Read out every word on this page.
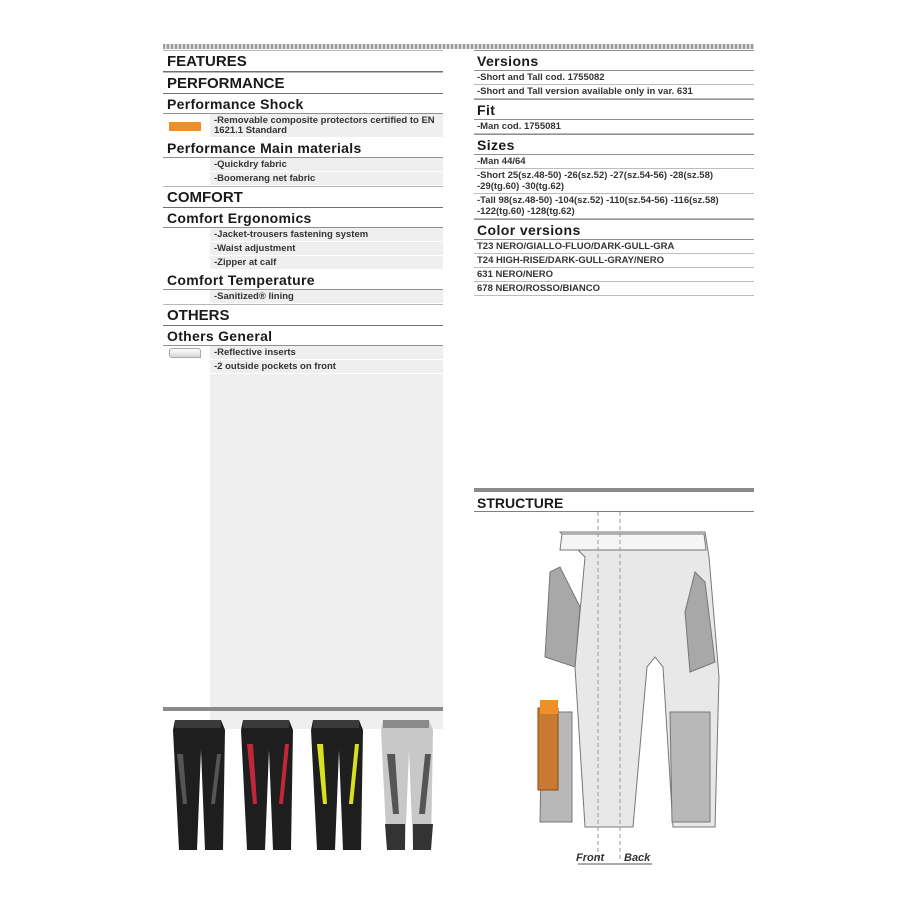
FEATURES
PERFORMANCE
Performance Shock
-Removable composite protectors certified to EN 1621.1 Standard
Performance Main materials
-Quickdry fabric
-Boomerang net fabric
COMFORT
Comfort Ergonomics
-Jacket-trousers fastening system
-Waist adjustment
-Zipper at calf
Comfort Temperature
-Sanitized® lining
OTHERS
Others General
-Reflective inserts
-2 outside pockets on front
Versions
-Short and Tall cod. 1755082
-Short and Tall version available only in var. 631
Fit
-Man cod. 1755081
Sizes
-Man 44/64
-Short 25(sz.48-50) -26(sz.52) -27(sz.54-56) -28(sz.58) -29(tg.60) -30(tg.62)
-Tall 98(sz.48-50) -104(sz.52) -110(sz.54-56) -116(sz.58) -122(tg.60) -128(tg.62)
Color versions
T23 NERO/GIALLO-FLUO/DARK-GULL-GRA
T24 HIGH-RISE/DARK-GULL-GRAY/NERO
631 NERO/NERO
678 NERO/ROSSO/BIANCO
STRUCTURE
Front Back
